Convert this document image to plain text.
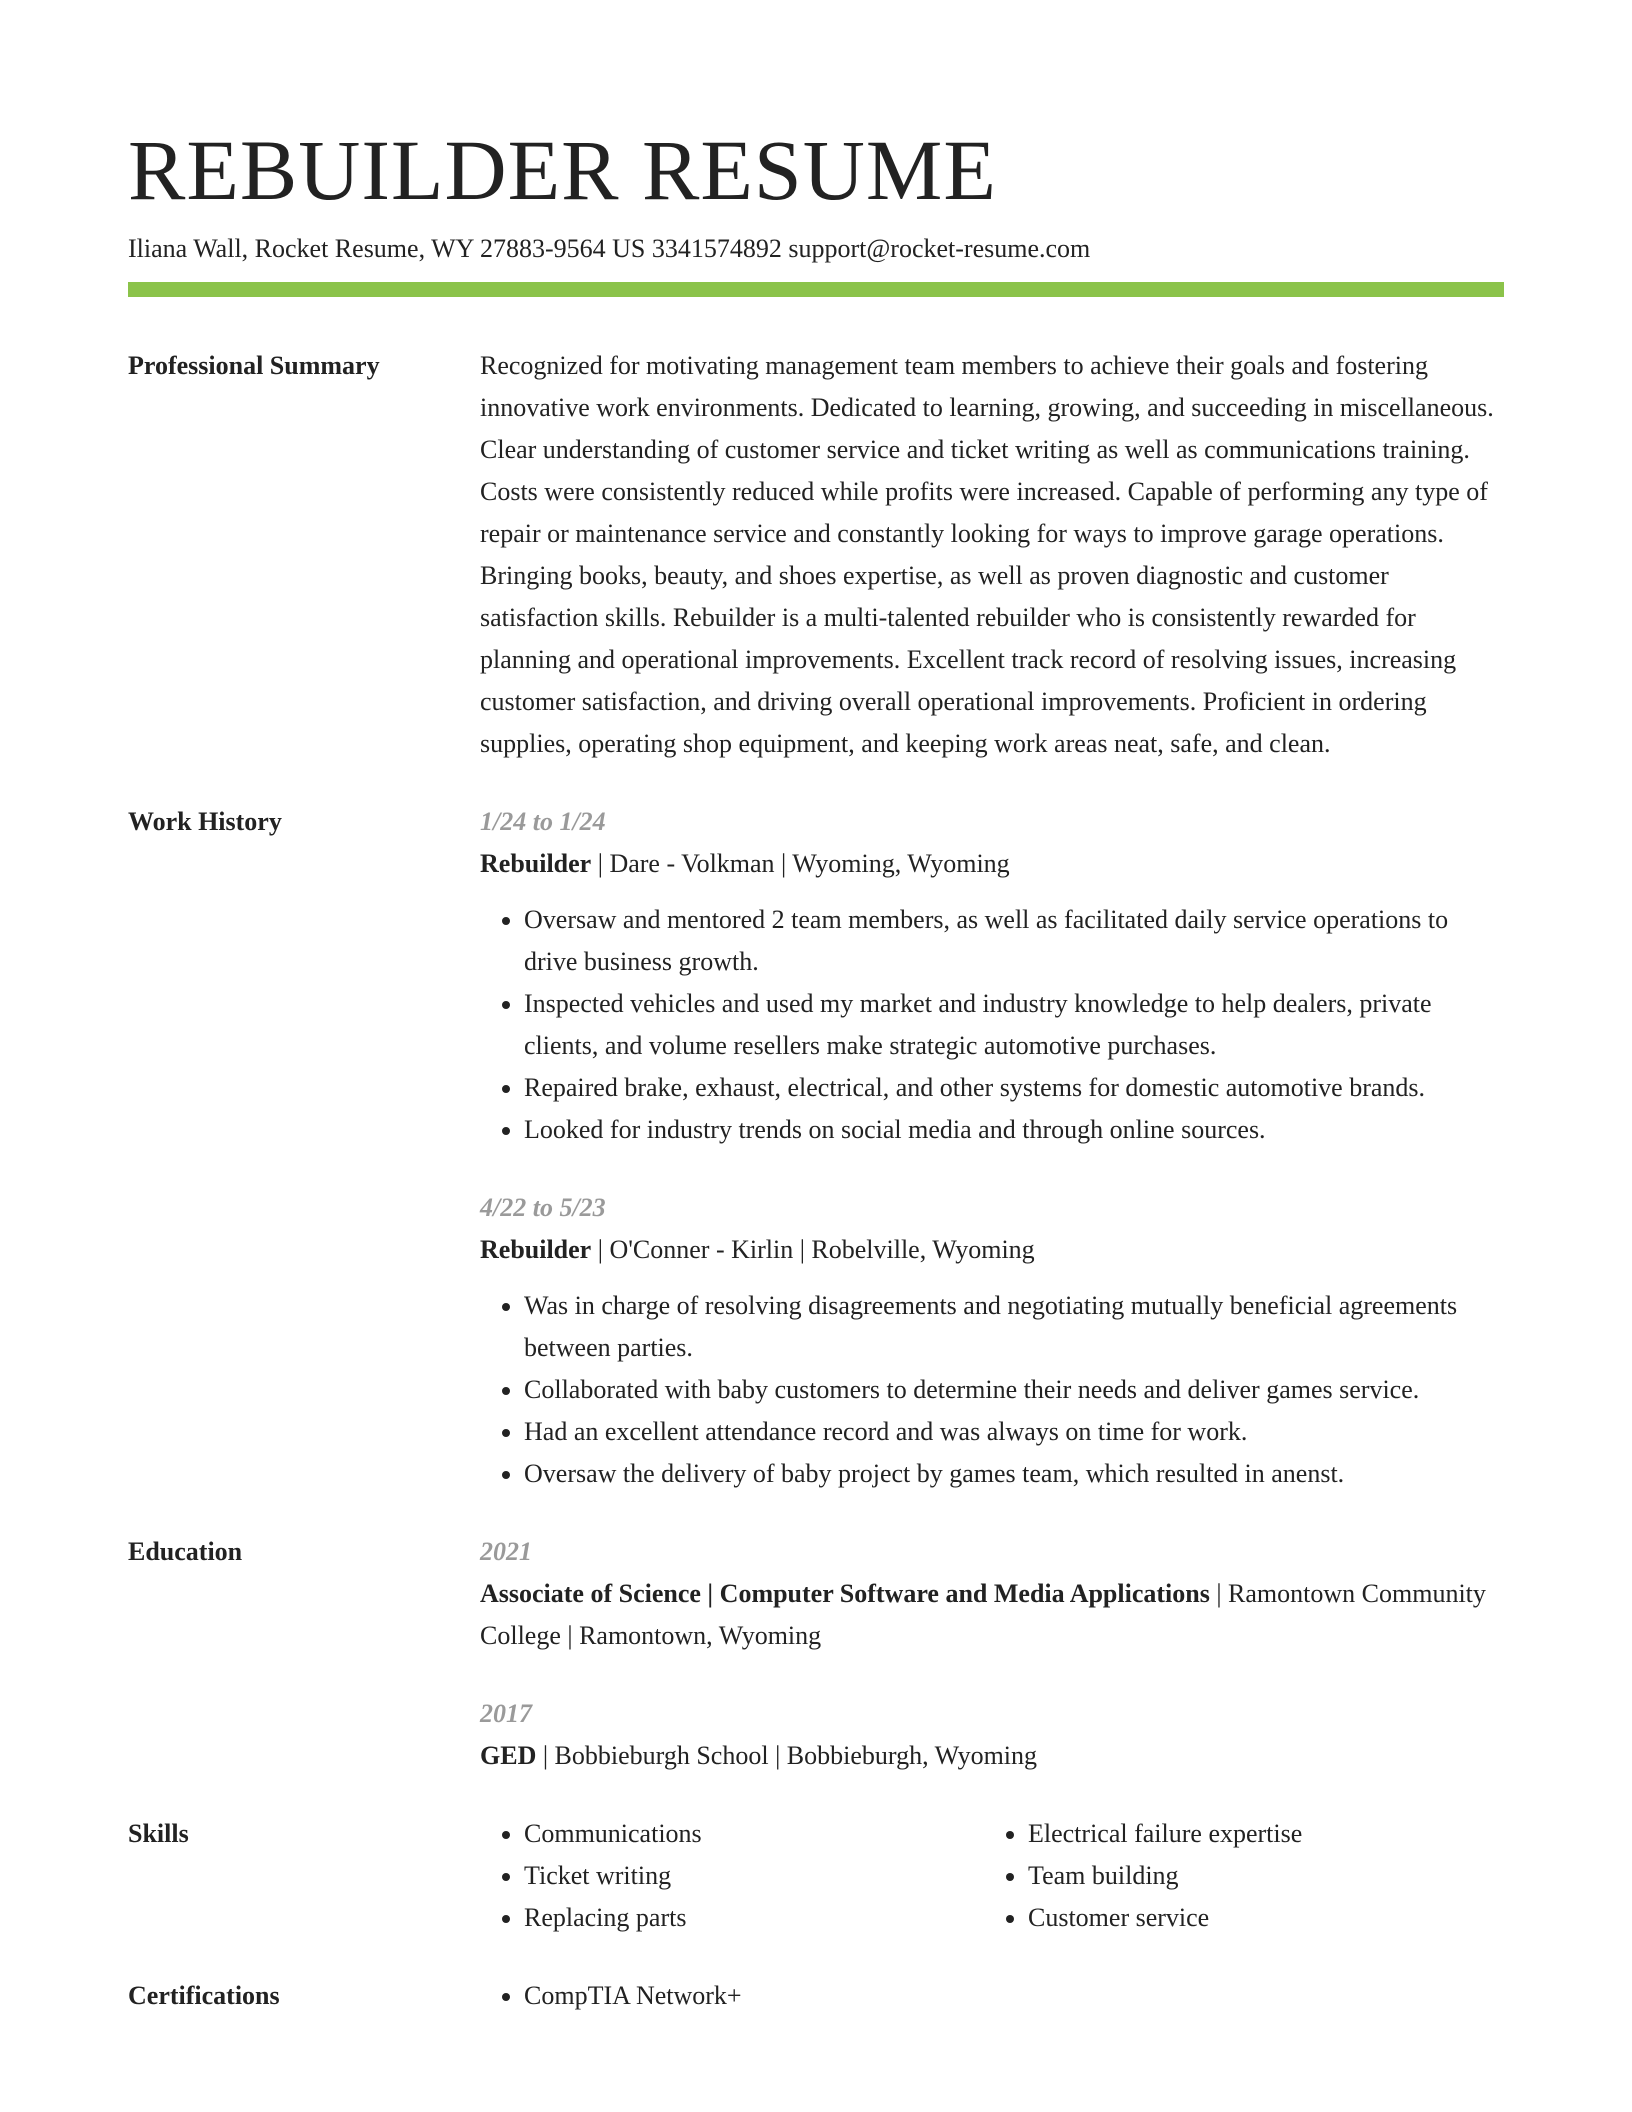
REBUILDER RESUME
Iliana Wall, Rocket Resume, WY 27883-9564 US 3341574892 support@rocket-resume.com
Professional Summary	Recognized for motivating management team members to achieve their goals and fostering innovative work environments. Dedicated to learning, growing, and succeeding in miscellaneous. Clear understanding of customer service and ticket writing as well as communications training. Costs were consistently reduced while profits were increased. Capable of performing any type of repair or maintenance service and constantly looking for ways to improve garage operations. Bringing books, beauty, and shoes expertise, as well as proven diagnostic and customer satisfaction skills. Rebuilder is a multi-talented rebuilder who is consistently rewarded for planning and operational improvements. Excellent track record of resolving issues, increasing customer satisfaction, and driving overall operational improvements. Proficient in ordering supplies, operating shop equipment, and keeping work areas neat, safe, and clean.
Work History	1/24 to 1/24
Rebuilder | Dare - Volkman | Wyoming, Wyoming
• Oversaw and mentored 2 team members, as well as facilitated daily service operations to drive business growth.
• Inspected vehicles and used my market and industry knowledge to help dealers, private clients, and volume resellers make strategic automotive purchases.
• Repaired brake, exhaust, electrical, and other systems for domestic automotive brands.
• Looked for industry trends on social media and through online sources.
4/22 to 5/23
Rebuilder | O'Conner - Kirlin | Robelville, Wyoming
• Was in charge of resolving disagreements and negotiating mutually beneficial agreements between parties.
• Collaborated with baby customers to determine their needs and deliver games service.
• Had an excellent attendance record and was always on time for work.
• Oversaw the delivery of baby project by games team, which resulted in anenst.
Education	2021
Associate of Science | Computer Software and Media Applications | Ramontown Community College | Ramontown, Wyoming
2017
GED | Bobbieburgh School | Bobbieburgh, Wyoming
Skills	• Communications
• Ticket writing
• Replacing parts
• Electrical failure expertise
• Team building
• Customer service
Certifications	• CompTIA Network+
